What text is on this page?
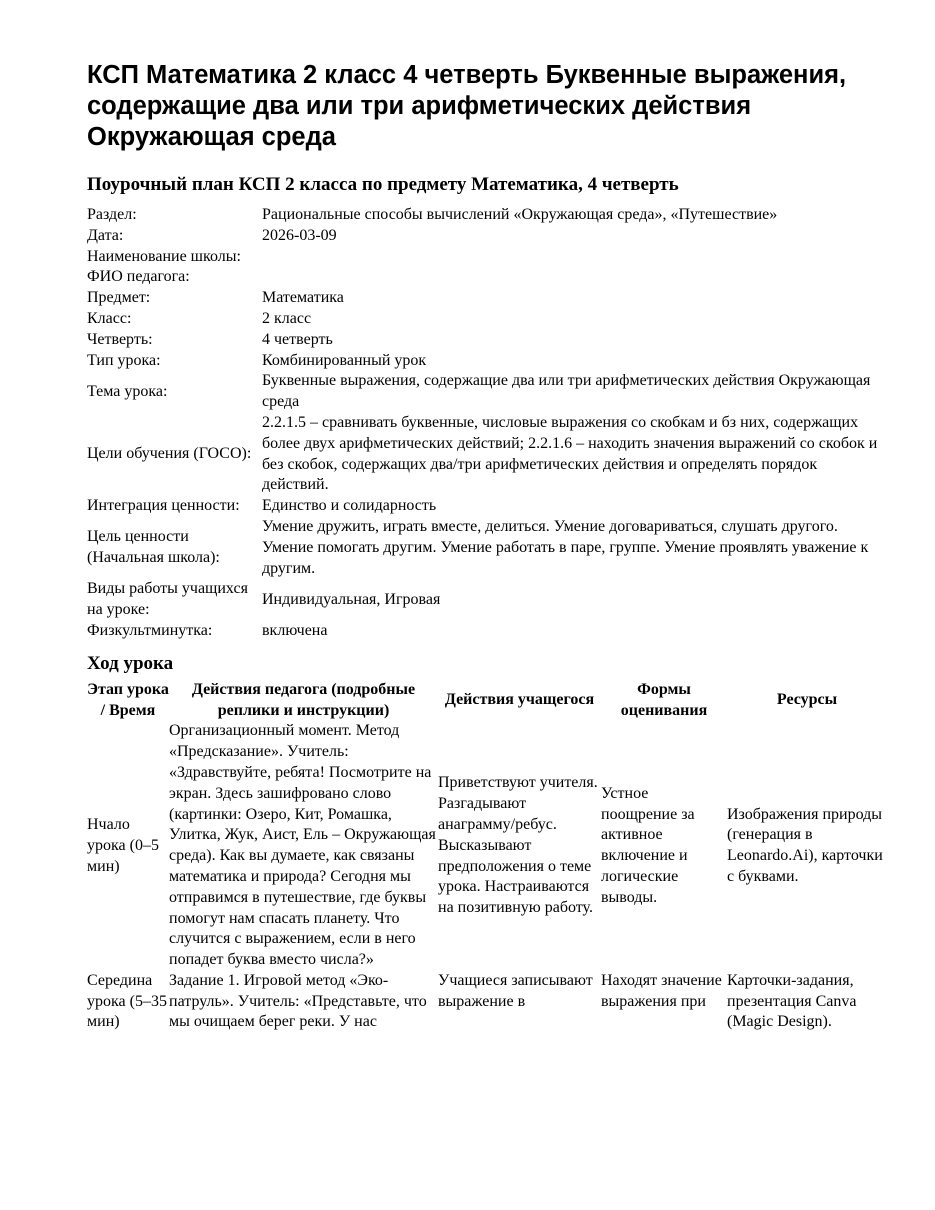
КСП Математика 2 класс 4 четверть Буквенные выражения, содержащие два или три арифметических действия Окружающая среда
Поурочный план КСП 2 класса по предмету Математика, 4 четверть
Раздел:	Рациональные способы вычислений «Окружающая среда», «Путешествие»
Дата:	2026-03-09
Наименование школы:	
ФИО педагога:	
Предмет:	Математика
Класс:	2 класс
Четверть:	4 четверть
Тип урока:	Комбинированный урок
Тема урока:	Буквенные выражения, содержащие два или три арифметических действия Окружающая среда
Цели обучения (ГОСО):	2.2.1.5 – сравнивать буквенные, числовые выражения со скобкам и бз них, содержащих более двух арифметических действий; 2.2.1.6 – находить значения выражений со скобок и без скобок, содержащих два/три арифметических действия и определять порядок действий.
Интеграция ценности:	Единство и солидарность
Цель ценности (Начальная школа):	Умение дружить, играть вместе, делиться. Умение договариваться, слушать другого. Умение помогать другим. Умение работать в паре, группе. Умение проявлять уважение к другим.
Виды работы учащихся на уроке:	Индивидуальная, Игровая
Физкультминутка:	включена
Ход урока
Этап урока / Время	Действия педагога (подробные реплики и инструкции)	Действия учащегося	Формы оценивания	Ресурсы
Нчало урока (0–5 мин)	Организационный момент. Метод «Предсказание». Учитель: «Здравствуйте, ребята! Посмотрите на экран. Здесь зашифровано слово (картинки: Озеро, Кит, Ромашка, Улитка, Жук, Аист, Ель – Окружающая среда). Как вы думаете, как связаны математика и природа? Сегодня мы отправимся в путешествие, где буквы помогут нам спасать планету. Что случится с выражением, если в него попадет буква вместо числа?»	Приветствуют учителя. Разгадывают анаграмму/ребус. Высказывают предположения о теме урока. Настраиваются на позитивную работу.	Устное поощрение за активное включение и логические выводы.	Изображения природы (генерация в Leonardo.Ai), карточки с буквами.
Середина урока (5–35 мин)	Задание 1. Игровой метод «Эко-патруль». Учитель: «Представьте, что мы очищаем берег реки. У нас	Учащиеся записывают выражение в	Находят значение выражения при	Карточки-задания, презентация Canva (Magic Design).
